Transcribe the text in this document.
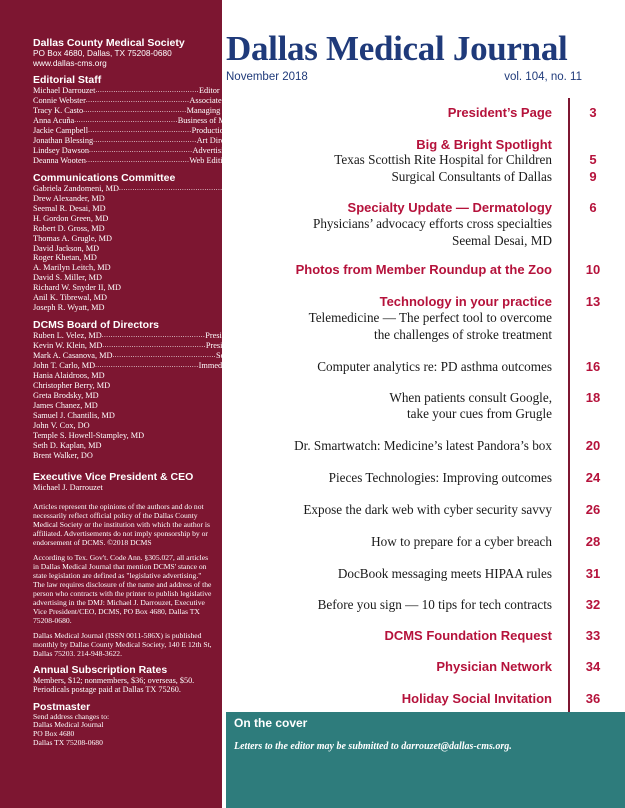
Dallas County Medical Society
PO Box 4680, Dallas, TX 75208-0680
www.dallas-cms.org
Editorial Staff
Michael Darrouzet .............................................. Editor
Connie Webster .............................................. Associate Editor
Tracy K. Casto .............................................. Managing Editor
Anna Acuña .............................................. Business of Medicine Editor
Jackie Campbell .............................................. Production Assistant
Jonathan Blessing .............................................. Art Direction
Lindsey Dawson .............................................. Advertising Manager
Deanna Wooten .............................................. Web Edition Manager
Communications Committee
Gabriela Zandomeni, MD .............................................. Chair
Drew Alexander, MD
Seemal R. Desai, MD
H. Gordon Green, MD
Robert D. Gross, MD
Thomas A. Grugle, MD
David Jackson, MD
Roger Khetan, MD
A. Marilyn Leitch, MD
David S. Miller, MD
Richard W. Snyder II, MD
Anil K. Tibrewal, MD
Joseph R. Wyatt, MD
DCMS Board of Directors
Ruben L. Velez, MD .............................................. President
Kevin W. Klein, MD .............................................. President-elect
Mark A. Casanova, MD .............................................. Secretary/Treasurer
John T. Carlo, MD .............................................. Immediate Past President
Hania Alaidroos, MD
Christopher Berry, MD
Greta Brodsky, MD
James Chanez, MD
Samuel J. Chantilis, MD
John V. Cox, DO
Temple S. Howell-Stampley, MD
Seth D. Kaplan, MD
Brent Walker, DO
Executive Vice President & CEO
Michael J. Darrouzet
Articles represent the opinions of the authors and do not necessarily reflect official policy of the Dallas County Medical Society or the institution with which the author is affiliated. Advertisements do not imply sponsorship by or endorsement of DCMS. ©2018 DCMS
According to Tex. Gov't. Code Ann. §305.027, all articles in Dallas Medical Journal that mention DCMS' stance on state legislation are defined as "legislative advertising." The law requires disclosure of the name and address of the person who contracts with the printer to publish legislative advertising in the DMJ: Michael J. Darrouzet, Executive Vice President/CEO, DCMS, PO Box 4680, Dallas TX 75208-0680.
Dallas Medical Journal (ISSN 0011-586X) is published monthly by Dallas County Medical Society, 140 E 12th St, Dallas 75203. 214-948-3622.
Annual Subscription Rates
Members, $12; nonmembers, $36; overseas, $50. Periodicals postage paid at Dallas TX 75260.
Postmaster
Send address changes to:
Dallas Medical Journal
PO Box 4680
Dallas TX 75208-0680
Dallas Medical Journal
November 2018	vol. 104, no. 11
President’s Page	3
Big & Bright Spotlight
Texas Scottish Rite Hospital for Children	5
Surgical Consultants of Dallas	9
Specialty Update — Dermatology	6
Physicians’ advocacy efforts cross specialties
Seemal Desai, MD
Photos from Member Roundup at the Zoo	10
Technology in your practice	13
Telemedicine — The perfect tool to overcome
the challenges of stroke treatment
Computer analytics re: PD asthma outcomes	16
When patients consult Google,	18
take your cues from Grugle
Dr. Smartwatch: Medicine’s latest Pandora’s box	20
Pieces Technologies: Improving outcomes	24
Expose the dark web with cyber security savvy	26
How to prepare for a cyber breach	28
DocBook messaging meets HIPAA rules	31
Before you sign — 10 tips for tech contracts	32
DCMS Foundation Request	33
Physician Network	34
Holiday Social Invitation	36
On the cover
Letters to the editor may be submitted to darrouzet@dallas-cms.org.
